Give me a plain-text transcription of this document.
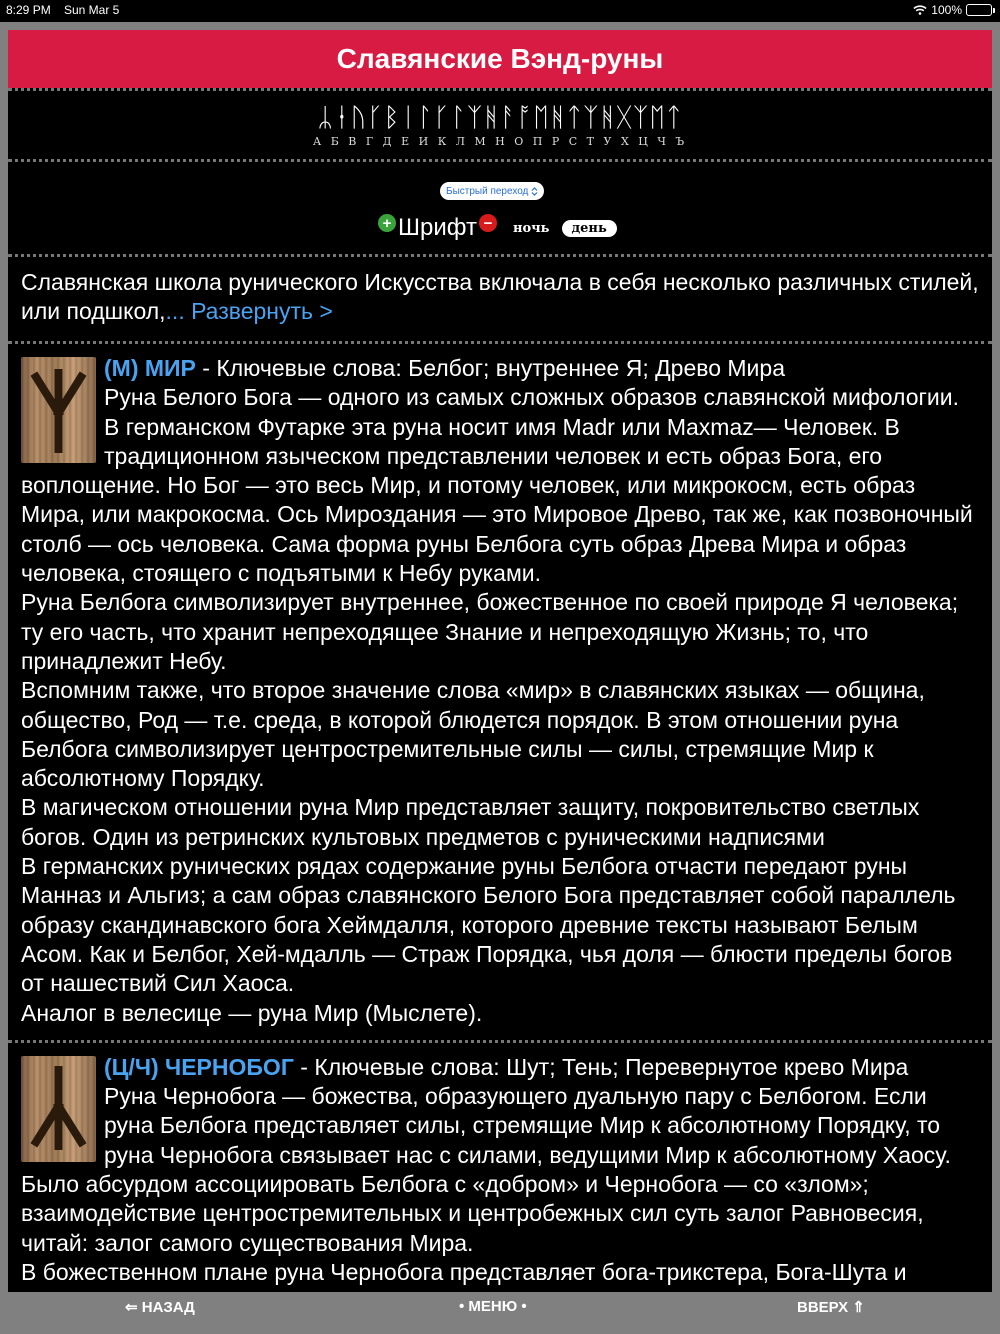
8:29 PM Sun Mar 5	100%
Славянские Вэнд-руны
ᛦᛂᚢᚴᛒᛁᛚᚴᛚᛉᚻᚨᚩᛖᚻᛏᛉᚻᚷᛉᛖᛏ
А Б В Г Д Е И К Л М Н О П Р С Т У Х Ц Ч Ъ
Быстрый переход
+ Шрифт −	ночь	день
Славянская школа рунического Искусства включала в себя несколько различных стилей, или подшкол,... Развернуть >
(М) МИР - Ключевые слова: Белбог; внутреннее Я; Древо Мира
Руна Белого Бога — одного из самых сложных образов славянской мифологии. В германском Футарке эта руна носит имя Madr или Maxmaz— Человек. В традиционном языческом представлении человек и есть образ Бога, его воплощение. Но Бог — это весь Мир, и потому человек, или микрокосм, есть образ Мира, или макрокосма. Ось Мироздания — это Мировое Древо, так же, как позвоночный столб — ось человека. Сама форма руны Белбога суть образ Древа Мира и образ человека, стоящего с подъятыми к Небу руками.
Руна Белбога символизирует внутреннее, божественное по своей природе Я человека; ту его часть, что хранит непреходящее Знание и непреходящую Жизнь; то, что принадлежит Небу.
Вспомним также, что второе значение слова «мир» в славянских языках — община, общество, Род — т.е. среда, в которой блюдется порядок. В этом отношении руна Белбога символизирует центростремительные силы — силы, стремящие Мир к абсолютному Порядку.
В магическом отношении руна Мир представляет защиту, покровительство светлых богов. Один из ретринских культовых предметов с руническими надписями
В германских рунических рядах содержание руны Белбога отчасти передают руны Манназ и Альгиз; а сам образ славянского Белого Бога представляет собой параллель образу скандинавского бога Хеймдалля, которого древние тексты называют Белым Асом. Как и Белбог, Хей-мдалль — Страж Порядка, чья доля — блюсти пределы богов от нашествий Сил Хаоса.
Аналог в велесице — руна Мир (Мыслете).
(Ц/Ч) ЧЕРНОБОГ - Ключевые слова: Шут; Тень; Перевернутое крево Мира
Руна Чернобога — божества, образующего дуальную пару с Белбогом. Если руна Белбога представляет силы, стремящие Мир к абсолютному Порядку, то руна Чернобога связывает нас с силами, ведущими Мир к абсолютному Хаосу. Было абсурдом ассоциировать Белбога с «добром» и Чернобога — со «злом»; взаимодействие центростремительных и центробежных сил суть залог Равновесия, читай: залог самого существования Мира.
В божественном плане руна Чернобога представляет бога-трикстера, Бога-Шута и
⇐ НАЗАД	• МЕНЮ •	ВВЕРХ ⇑
